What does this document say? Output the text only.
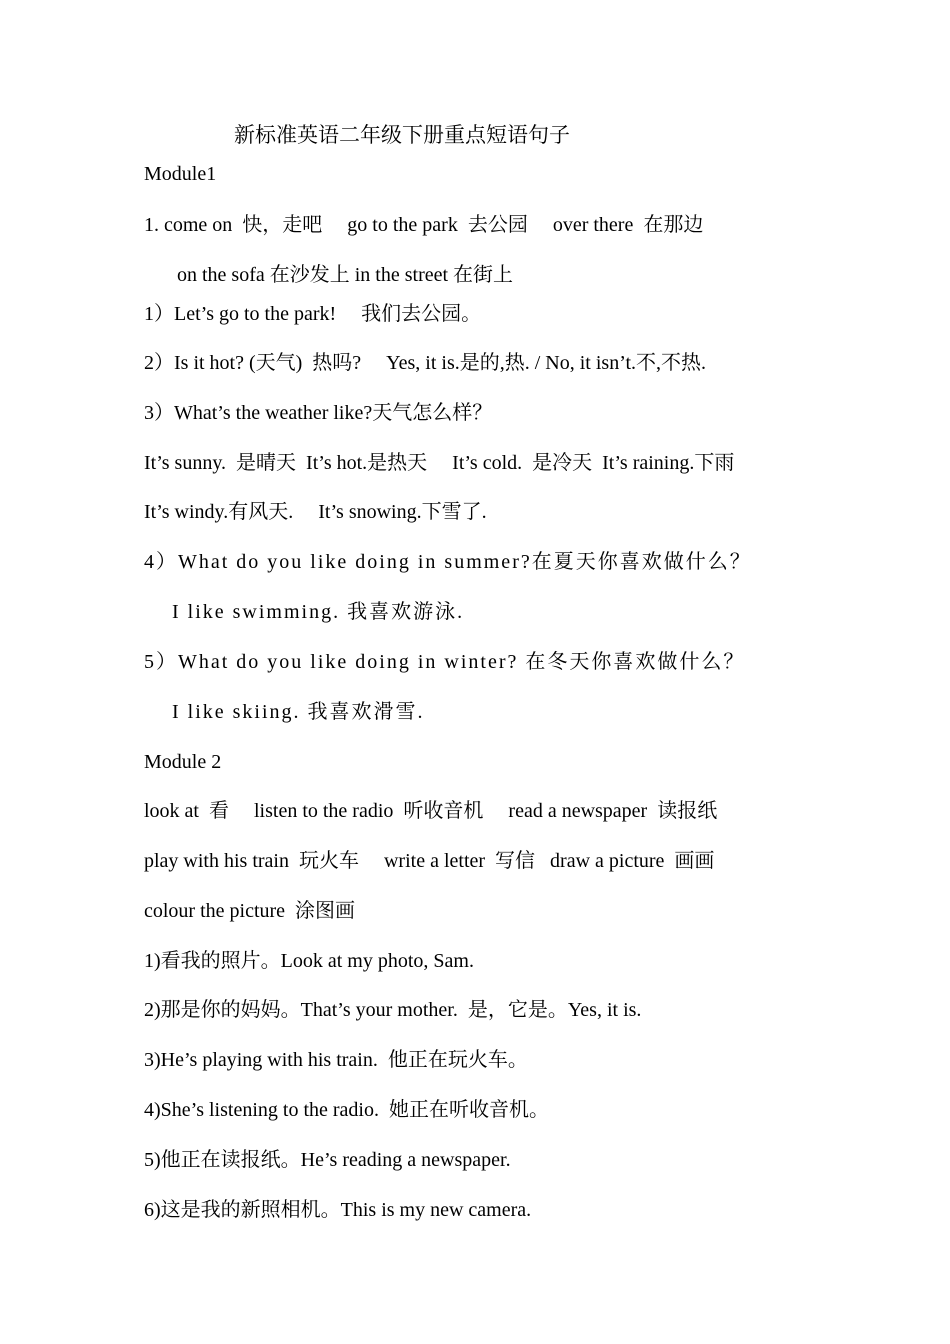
新标准英语二年级下册重点短语句子
Module1
1. come on  快，走吧     go to the park  去公园     over there  在那边
on the sofa 在沙发上 in the street 在街上
1）Let’s go to the park!     我们去公园。
2）Is it hot? (天气)  热吗?     Yes, it is.是的,热. / No, it isn’t.不,不热.
3）What’s the weather like?天气怎么样？
It’s sunny.  是晴天  It’s hot.是热天     It’s cold.  是冷天  It’s raining.下雨
It’s windy.有风天.     It’s snowing.下雪了.
4）What do you like doing in summer?在夏天你喜欢做什么？
I like swimming. 我喜欢游泳.
5）What do you like doing in winter? 在冬天你喜欢做什么？
I like skiing. 我喜欢滑雪.
Module 2
look at  看     listen to the radio  听收音机     read a newspaper  读报纸
play with his train  玩火车     write a letter  写信   draw a picture  画画
colour the picture  涂图画
1)看我的照片。Look at my photo, Sam.
2)那是你的妈妈。That’s your mother.  是，它是。Yes, it is.
3)He’s playing with his train.  他正在玩火车。
4)She’s listening to the radio.  她正在听收音机。
5)他正在读报纸。He’s reading a newspaper.
6)这是我的新照相机。This is my new camera.
